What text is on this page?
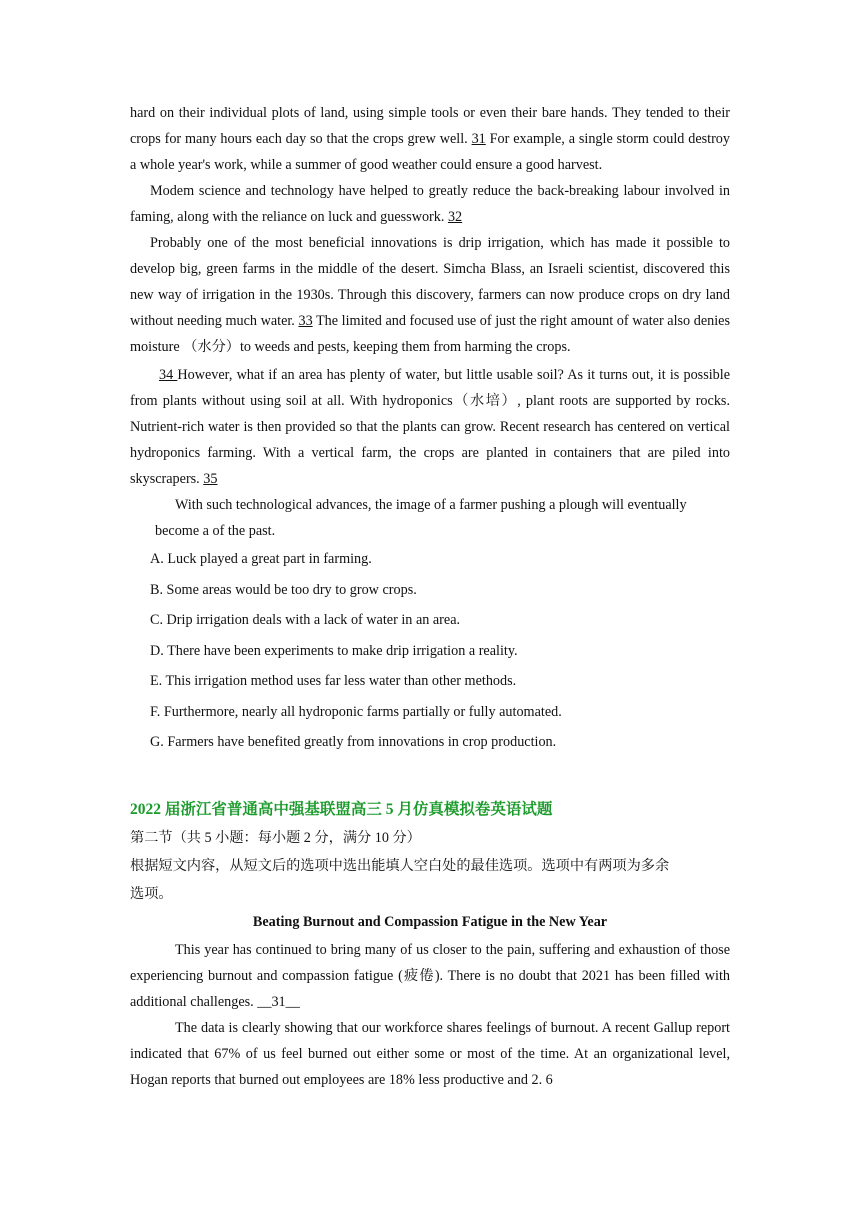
hard on their individual plots of land, using simple tools or even their bare hands. They tended to their crops for many hours each day so that the crops grew well. 31 For example, a single storm could destroy a whole year's work, while a summer of good weather could ensure a good harvest.

Modem science and technology have helped to greatly reduce the back-breaking labour involved in faming, along with the reliance on luck and guesswork. 32

Probably one of the most beneficial innovations is drip irrigation, which has made it possible to develop big, green farms in the middle of the desert. Simcha Blass, an Israeli scientist, discovered this new way of irrigation in the 1930s. Through this discovery, farmers can now produce crops on dry land without needing much water. 33 The limited and focused use of just the right amount of water also denies moisture （水分）to weeds and pests, keeping them from harming the crops.

34 However, what if an area has plenty of water, but little usable soil? As it turns out, it is possible from plants without using soil at all. With hydroponics（水培）, plant roots are supported by rocks. Nutrient-rich water is then provided so that the plants can grow. Recent research has centered on vertical hydroponics farming. With a vertical farm, the crops are planted in containers that are piled into skyscrapers. 35

With such technological advances, the image of a farmer pushing a plough will eventually

become a of the past.

A. Luck played a great part in farming.

B. Some areas would be too dry to grow crops.

C. Drip irrigation deals with a lack of water in an area.

D. There have been experiments to make drip irrigation a reality.

E. This irrigation method uses far less water than other methods.

F. Furthermore, nearly all hydroponic farms partially or fully automated.

G. Farmers have benefited greatly from innovations in crop production.

2022 届浙江省普通高中强基联盟高三 5 月仿真模拟卷英语试题

第二节（共 5 小题：每小题 2 分，满分 10 分）

根据短文内容，从短文后的选项中选出能填人空白处的最佳选项。选项中有两项为多余

选项。

Beating Burnout and Compassion Fatigue in the New Year

This year has continued to bring many of us closer to the pain, suffering and exhaustion of those experiencing burnout and compassion fatigue (疲倦). There is no doubt that 2021 has been filled with additional challenges. __31__

The data is clearly showing that our workforce shares feelings of burnout. A recent Gallup report indicated that 67% of us feel burned out either some or most of the time. At an organizational level, Hogan reports that burned out employees are 18% less productive and 2. 6
